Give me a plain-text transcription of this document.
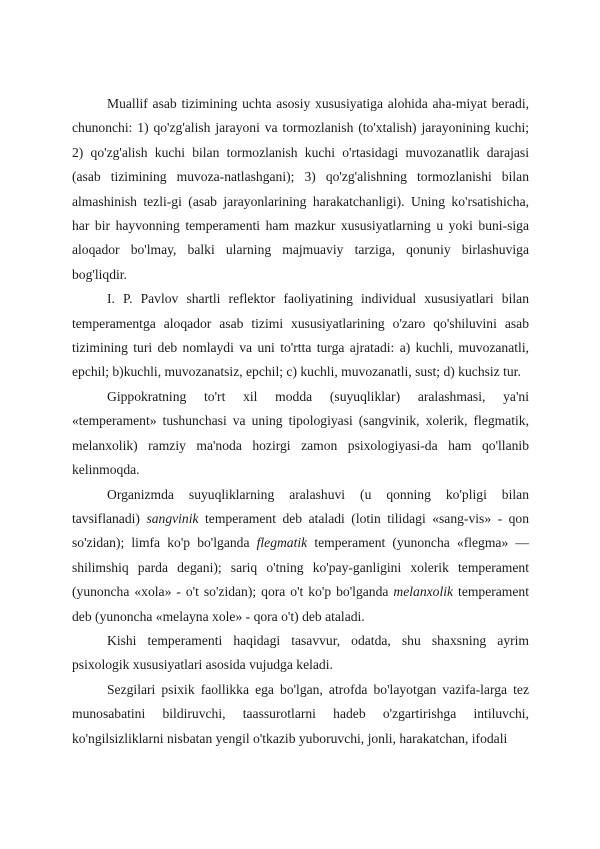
Muallif asab tizimining uchta asosiy xususiyatiga alohida aha-miyat beradi, chunonchi: 1) qo'zg'alish jarayoni va tormozlanish (to'xtalish) jarayonining kuchi; 2) qo'zg'alish kuchi bilan tormozlanish kuchi o'rtasidagi muvozanatlik darajasi (asab tizimining muvoza-natlashgani); 3) qo'zg'alishning tormozlanishi bilan almashinish tezli-gi (asab jarayonlarining harakatchanligi). Uning ko'rsatishicha, har bir hayvonning temperamenti ham mazkur xususiyatlarning u yoki buni-siga aloqador bo'lmay, balki ularning majmuaviy tarziga, qonuniy birlashuviga bog'liqdir.

I. P. Pavlov shartli reflektor faoliyatining individual xususiyatlari bilan temperamentga aloqador asab tizimi xususiyatlarining o'zaro qo'shiluvini asab tizimining turi deb nomlaydi va uni to'rtta turga ajratadi: a) kuchli, muvozanatli, epchil; b)kuchli, muvozanatsiz, epchil; c) kuchli, muvozanatli, sust; d) kuchsiz tur.

Gippokratning to'rt xil modda (suyuqliklar) aralashmasi, ya'ni «temperament» tushunchasi va uning tipologiyasi (sangvinik, xolerik, flegmatik, melanxolik) ramziy ma'noda hozirgi zamon psixologiyasi-da ham qo'llanib kelinmoqda.

Organizmda suyuqliklarning aralashuvi (u qonning ko'pligi bilan tavsiflanadi) sangvinik temperament deb ataladi (lotin tilidagi «sang-vis» - qon so'zidan); limfa ko'p bo'lganda flegmatik temperament (yunoncha «flegma» — shilimshiq parda degani); sariq o'tning ko'pay-ganligini xolerik temperament (yunoncha «xola» - o't so'zidan); qora o't ko'p bo'lganda melanxolik temperament deb (yunoncha «melayna xole» - qora o't) deb ataladi.

Kishi temperamenti haqidagi tasavvur, odatda, shu shaxsning ayrim psixologik xususiyatlari asosida vujudga keladi.

Sezgilari psixik faollikka ega bo'lgan, atrofda bo'layotgan vazifa-larga tez munosabatini bildiruvchi, taassurotlarni hadeb o'zgartirishga intiluvchi, ko'ngilsizliklarni nisbatan yengil o'tkazib yuboruvchi, jonli, harakatchan, ifodali
